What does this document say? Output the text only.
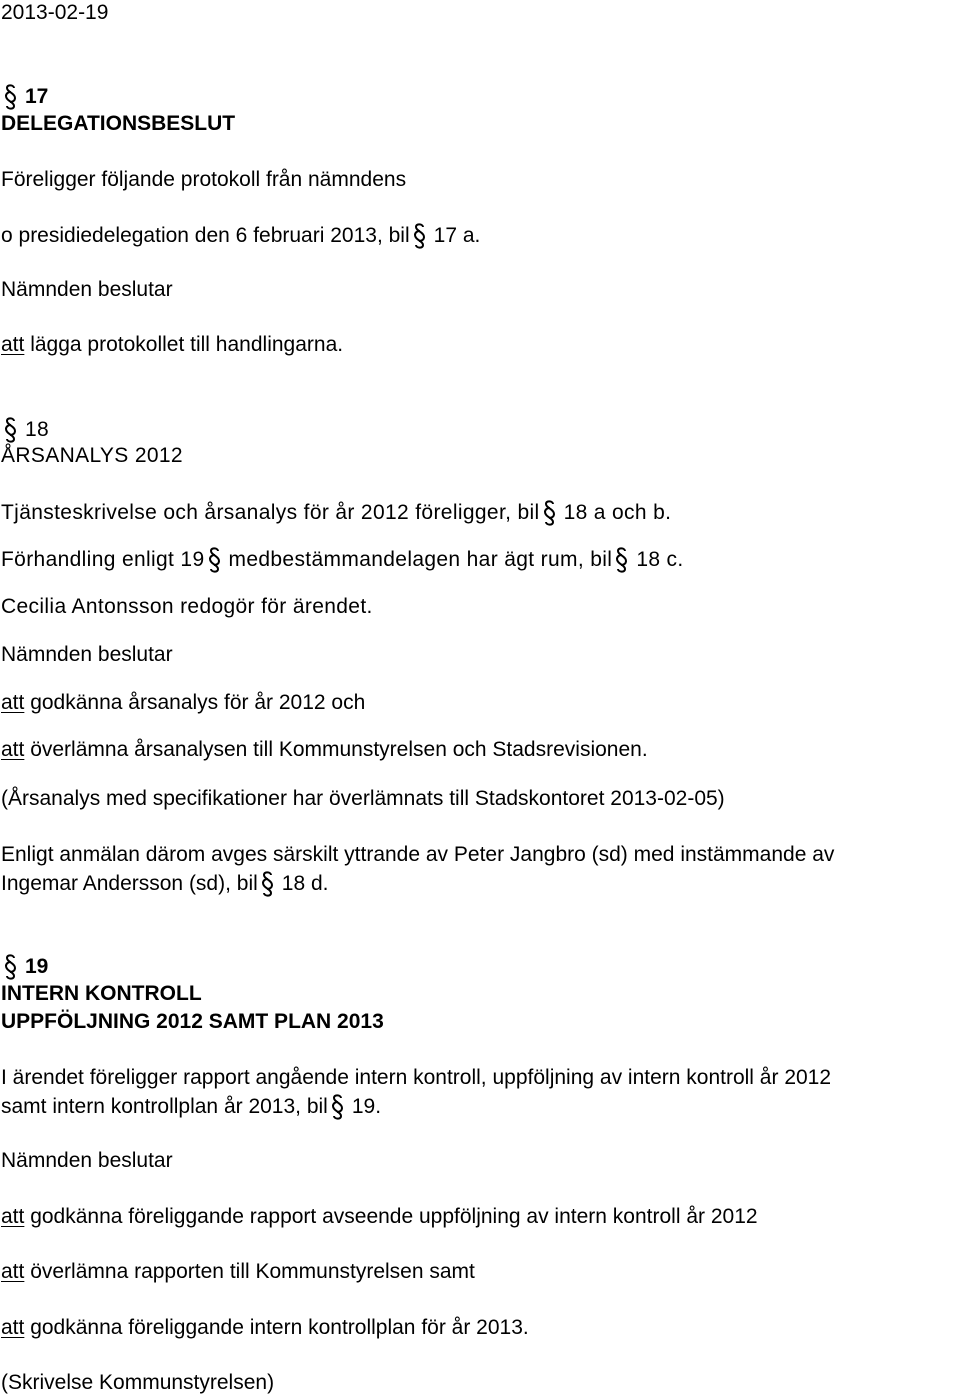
2013-02-19
17
DELEGATIONSBESLUT
Föreligger följande protokoll från nämndens
o presidiedelegation den 6 februari 2013, bil 17 a.
Nämnden beslutar
att lägga protokollet till handlingarna.
18
ÅRSANALYS 2012
Tjänsteskrivelse och årsanalys för år 2012 föreligger, bil 18 a och b.
Förhandling enligt 19 medbestämmandelagen har ägt rum, bil 18 c.
Cecilia Antonsson redogör för ärendet.
Nämnden beslutar
att godkänna årsanalys för år 2012 och
att överlämna årsanalysen till Kommunstyrelsen och Stadsrevisionen.
(Årsanalys med specifikationer har överlämnats till Stadskontoret 2013-02-05)
Enligt anmälan därom avges särskilt yttrande av Peter Jangbro (sd) med instämmande av
Ingemar Andersson (sd), bil 18 d.
19
INTERN KONTROLL
UPPFÖLJNING 2012 SAMT PLAN 2013
I ärendet föreligger rapport angående intern kontroll, uppföljning av intern kontroll år 2012
samt intern kontrollplan år 2013, bil 19.
Nämnden beslutar
att godkänna föreliggande rapport avseende uppföljning av intern kontroll år 2012
att överlämna rapporten till Kommunstyrelsen samt
att godkänna föreliggande intern kontrollplan för år 2013.
(Skrivelse Kommunstyrelsen)
